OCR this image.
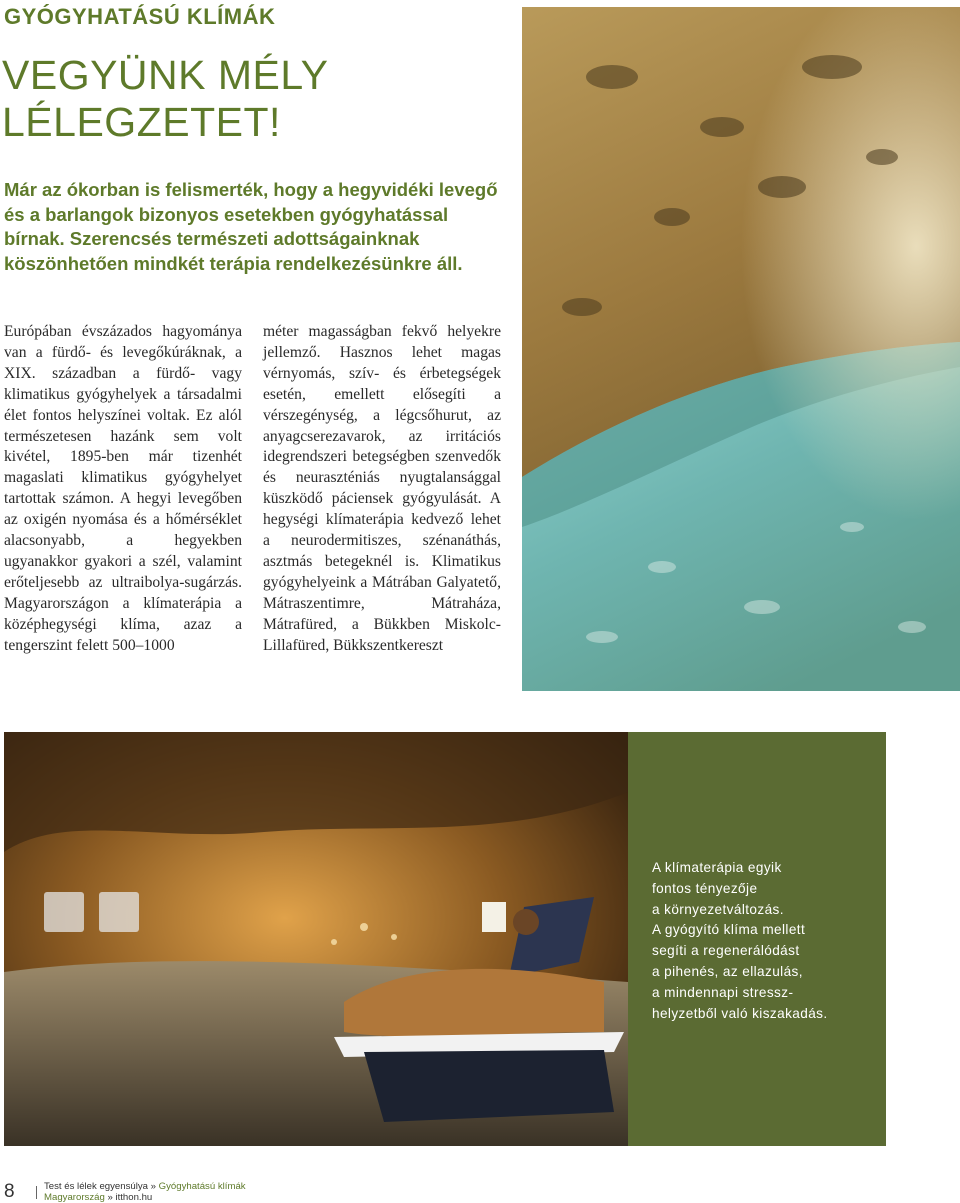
GYÓGYHATÁSÚ KLÍMÁK
VEGYÜNK MÉLY
LÉLEGZETET!
Már az ókorban is felismerték, hogy a hegyvidéki levegő és a barlangok bizonyos esetekben gyógyhatással bírnak. Szerencsés természeti adottságainknak köszönhetően mindkét terápia rendelkezésünkre áll.
Európában évszázados hagyománya van a fürdő- és levegőkúráknak, a XIX. században a fürdő- vagy klimatikus gyógyhelyek a társadalmi élet fontos helyszínei voltak. Ez alól természetesen hazánk sem volt kivétel, 1895-ben már tizenhét magaslati klimatikus gyógyhelyet tartottak számon. A hegyi levegőben az oxigén nyomása és a hőmérséklet alacsonyabb, a hegyekben ugyanakkor gyakori a szél, valamint erőteljesebb az ultraibolya-sugárzás. Magyarországon a klímaterápia a középhegységi klíma, azaz a tengerszint felett 500–1000
méter magasságban fekvő helyekre jellemző. Hasznos lehet magas vérnyomás, szív- és érbetegségek esetén, emellett elősegíti a vérszegénység, a légcsőhurut, az anyagcserezavarok, az irritációs idegrendszeri betegségben szenvedők és neuraszténiás nyugtalansággal küszködő páciensek gyógyulását. A hegységi klímaterápia kedvező lehet a neurodermitiszes, szénanáthás, asztmás betegeknél is. Klimatikus gyógyhelyeink a Mátrában Galyatető, Mátraszentimre, Mátraháza, Mátrafüred, a Bükkben Miskolc-Lillafüred, Bükkszentkereszt
A klímaterápia egyik
fontos tényezője
a környezetváltozás.
A gyógyító klíma mellett
segíti a regenerálódást
a pihenés, az ellazulás,
a mindennapi stressz-
helyzetből való kiszakadás.
8	Test és lélek egyensúlya » Gyógyhatású klímák
Magyarország » itthon.hu
